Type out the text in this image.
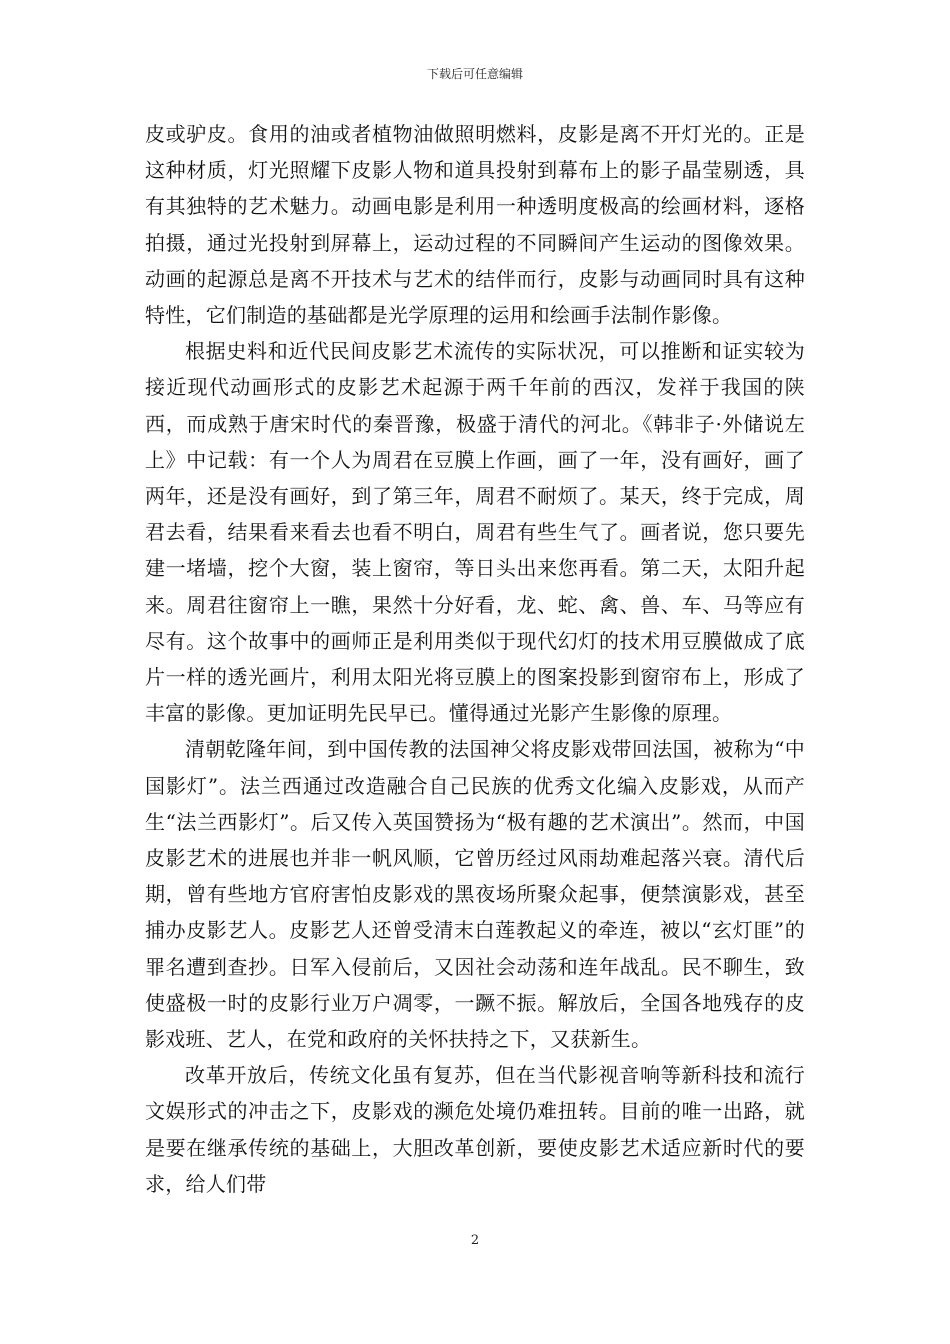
下载后可任意编辑

皮或驴皮。食用的油或者植物油做照明燃料，皮影是离不开灯光的。正是这种材质，灯光照耀下皮影人物和道具投射到幕布上的影子晶莹剔透，具有其独特的艺术魅力。动画电影是利用一种透明度极高的绘画材料，逐格拍摄，通过光投射到屏幕上，运动过程的不同瞬间产生运动的图像效果。动画的起源总是离不开技术与艺术的结伴而行，皮影与动画同时具有这种特性，它们制造的基础都是光学原理的运用和绘画手法制作影像。

根据史料和近代民间皮影艺术流传的实际状况，可以推断和证实较为接近现代动画形式的皮影艺术起源于两千年前的西汉，发祥于我国的陕西，而成熟于唐宋时代的秦晋豫，极盛于清代的河北。《韩非子·外储说左上》中记载：有一个人为周君在豆膜上作画，画了一年，没有画好，画了两年，还是没有画好，到了第三年，周君不耐烦了。某天，终于完成，周君去看，结果看来看去也看不明白，周君有些生气了。画者说，您只要先建一堵墙，挖个大窗，装上窗帘，等日头出来您再看。第二天，太阳升起来。周君往窗帘上一瞧，果然十分好看，龙、蛇、禽、兽、车、马等应有尽有。这个故事中的画师正是利用类似于现代幻灯的技术用豆膜做成了底片一样的透光画片，利用太阳光将豆膜上的图案投影到窗帘布上，形成了丰富的影像。更加证明先民早已。懂得通过光影产生影像的原理。

清朝乾隆年间，到中国传教的法国神父将皮影戏带回法国，被称为“中国影灯”。法兰西通过改造融合自己民族的优秀文化编入皮影戏，从而产生“法兰西影灯”。后又传入英国赞扬为“极有趣的艺术演出”。然而，中国皮影艺术的进展也并非一帆风顺，它曾历经过风雨劫难起落兴衰。清代后期，曾有些地方官府害怕皮影戏的黑夜场所聚众起事，便禁演影戏，甚至捕办皮影艺人。皮影艺人还曾受清末白莲教起义的牵连，被以“玄灯匪”的罪名遭到查抄。日军入侵前后，又因社会动荡和连年战乱。民不聊生，致使盛极一时的皮影行业万户凋零，一蹶不振。解放后，全国各地残存的皮影戏班、艺人，在党和政府的关怀扶持之下，又获新生。

改革开放后，传统文化虽有复苏，但在当代影视音响等新科技和流行文娱形式的冲击之下，皮影戏的濒危处境仍难扭转。目前的唯一出路，就是要在继承传统的基础上，大胆改革创新，要使皮影艺术适应新时代的要求，给人们带

2
